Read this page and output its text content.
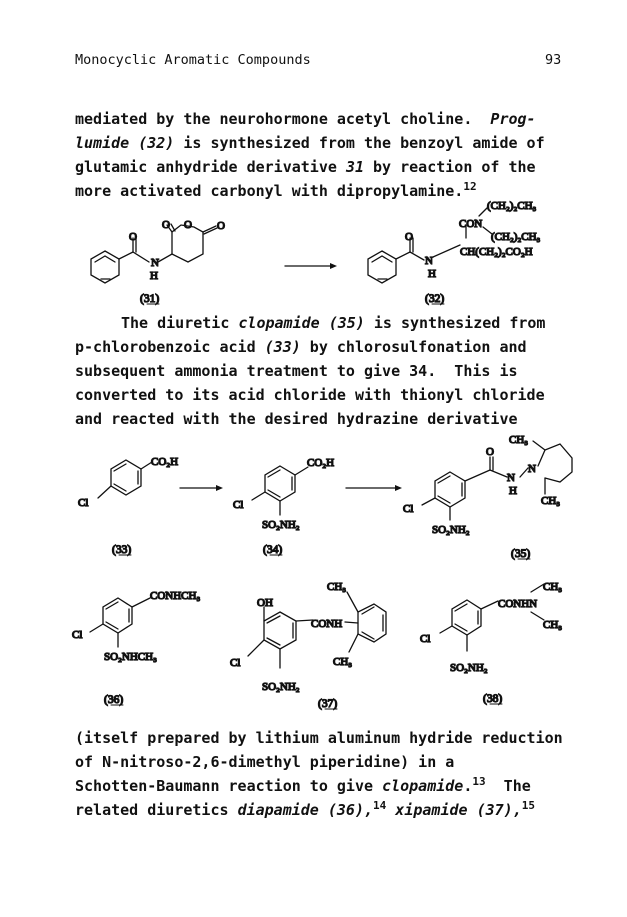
Monocyclic Aromatic Compounds	93
mediated by the neurohormone acetyl choline. Prog-
lumide (32) is synthesized from the benzoyl amide of
glutamic anhydride derivative 31 by reaction of the
more activated carbonyl with dipropylamine.$^{12}$
The diuretic clopamide (35) is synthesized from
p-chlorobenzoic acid (33) by chlorosulfonation and
subsequent ammonia treatment to give 34.  This is
converted to its acid chloride with thionyl chloride
and reacted with the desired hydrazine derivative
(itself prepared by lithium aluminum hydride reduction
of N-nitroso-2,6-dimethyl piperidine) in a
Schotten-Baumann reaction to give clopamide.$^{13}$  The
related diuretics diapamide (36),$^{14}$ xipamide (37),$^{15}$
O
N
H
O O O
(31)
O
N
H
CON
(CH₂)₂CH₃
(CH₂)₂CH₃
CH(CH₂)₂CO₂H
(32)
CO₂H
Cl
(33)
CO₂H
Cl
SO₂NH₂
(34)
O
N
H
N
CH₃
CH₃
Cl
SO₂NH₂
(35)
CONHCH₃
Cl
SO₂NHCH₃
(36)
OH
CONH
CH₃
CH₃
Cl
SO₂NH₂
(37)
CONHN
CH₃
CH₃
Cl
SO₂NH₂
(38)
